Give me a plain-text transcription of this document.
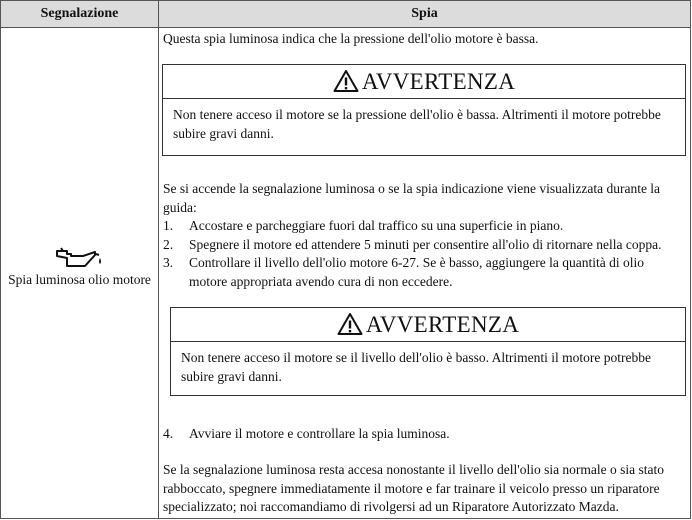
Segnalazione	Spia
Spia luminosa olio motore

Questa spia luminosa indica che la pressione dell'olio motore è bassa.

AVVERTENZA
Non tenere acceso il motore se la pressione dell'olio è bassa. Altrimenti il motore potrebbe subire gravi danni.

Se si accende la segnalazione luminosa o se la spia indicazione viene visualizzata durante la guida:

1. Accostare e parcheggiare fuori dal traffico su una superficie in piano.
2. Spegnere il motore ed attendere 5 minuti per consentire all'olio di ritornare nella coppa.
3. Controllare il livello dell'olio motore 6-27. Se è basso, aggiungere la quantità di olio motore appropriata avendo cura di non eccedere.
AVVERTENZA
Non tenere acceso il motore se il livello dell'olio è basso. Altrimenti il motore potrebbe subire gravi danni.
4. Avviare il motore e controllare la spia luminosa.

Se la segnalazione luminosa resta accesa nonostante il livello dell'olio sia normale o sia stato rabboccato, spegnere immediatamente il motore e far trainare il veicolo presso un riparatore specializzato; noi raccomandiamo di rivolgersi ad un Riparatore Autorizzato Mazda.
